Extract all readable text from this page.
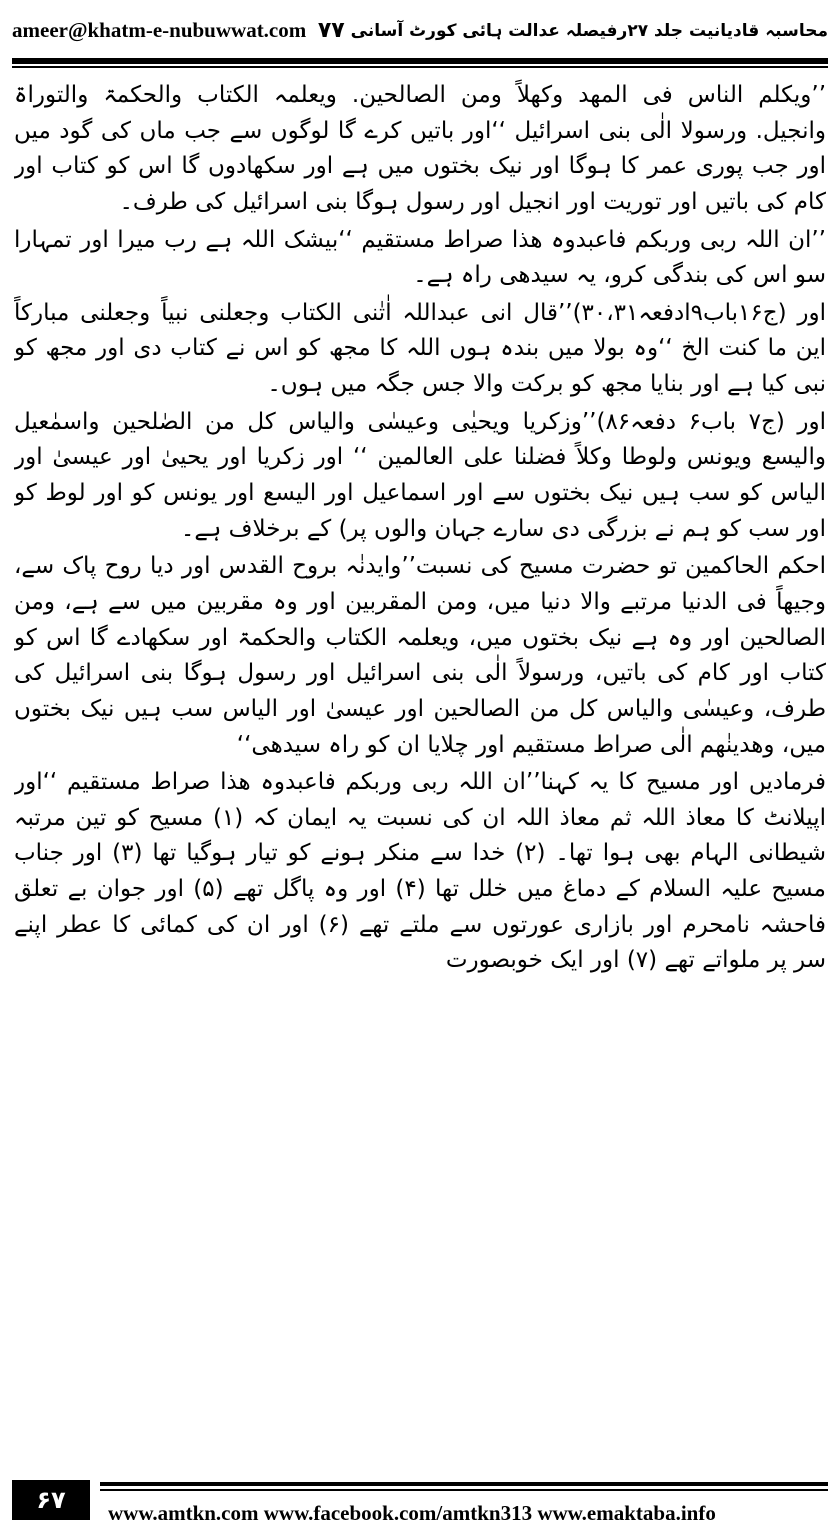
ameer@khatm-e-nubuwwat.com	محاسبہ قادیانیت جلد ۲۷رفیصلہ عدالت ہائی کورٹ آسانی
۷۷

’’ویکلم الناس فی المھد وکھلاً ومن الصالحین. ویعلمہ الکتاب والحکمۃ والتوراۃ وانجیل. ورسولا الٰی بنی اسرائیل ‘‘اور باتیں کرے گا لوگوں سے جب ماں کی گود میں اور جب پوری عمر کا ہوگا اور نیک بختوں میں ہے اور سکھادوں گا اس کو کتاب اور کام کی باتیں اور توریت اور انجیل اور رسول ہوگا بنی اسرائیل کی طرف۔

’’ان اللہ ربی وربکم فاعبدوہ ھذا صراط مستقیم ‘‘بیشک اللہ ہے رب میرا اور تمہارا سو اس کی بندگی کرو، یہ سیدھی راہ ہے۔

اور (ج۱۶باب۹ادفعہ۳۰،۳۱)’’قال انی عبداللہ اٰتٰنی الکتاب وجعلنی نبیاً وجعلنی مبارکاً این ما کنت الخ ‘‘وہ بولا میں بندہ ہوں اللہ کا مجھ کو اس نے کتاب دی اور مجھ کو نبی کیا ہے اور بنایا مجھ کو برکت والا جس جگہ میں ہوں۔

اور (ج۷ باب۶ دفعہ۸۶)’’وزکریا ویحیٰی وعیسٰی والیاس کل من الصٰلحین واسمٰعیل والیسع ویونس ولوطا وکلاً فضلنا علی العالمین ‘‘ اور زکریا اور یحییٰ اور عیسیٰ اور الیاس کو سب ہیں نیک بختوں سے اور اسماعیل اور الیسع اور یونس کو اور لوط کو اور سب کو ہم نے بزرگی دی سارے جہان والوں پر) کے برخلاف ہے۔

احکم الحاکمین تو حضرت مسیح کی نسبت’’وایدنٰہ بروح القدس اور دیا روح پاک سے، وجیھاً فی الدنیا مرتبے والا دنیا میں، ومن المقربین اور وہ مقربین میں سے ہے، ومن الصالحین اور وہ ہے نیک بختوں میں، ویعلمہ الکتاب والحکمۃ اور سکھادے گا اس کو کتاب اور کام کی باتیں، ورسولاً الٰی بنی اسرائیل اور رسول ہوگا بنی اسرائیل کی طرف، وعیسٰی والیاس کل من الصالحین اور عیسیٰ اور الیاس سب ہیں نیک بختوں میں، وھدینٰھم الٰی صراط مستقیم اور چلایا ان کو راہ سیدھی‘‘

فرمادیں اور مسیح کا یہ کہنا’’ان اللہ ربی وربکم فاعبدوہ ھذا صراط مستقیم ‘‘اور اپیلانٹ کا معاذ اللہ ثم معاذ اللہ ان کی نسبت یہ ایمان کہ (۱) مسیح کو تین مرتبہ شیطانی الہام بھی ہوا تھا۔ (۲) خدا سے منکر ہونے کو تیار ہوگیا تھا (۳) اور جناب مسیح علیہ السلام کے دماغ میں خلل تھا (۴) اور وہ پاگل تھے (۵) اور جوان بے تعلق فاحشہ نامحرم اور بازاری عورتوں سے ملتے تھے (۶) اور ان کی کمائی کا عطر اپنے سر پر ملواتے تھے (۷) اور ایک خوبصورت

۶۷	www.amtkn.com www.facebook.com/amtkn313 www.emaktaba.info
